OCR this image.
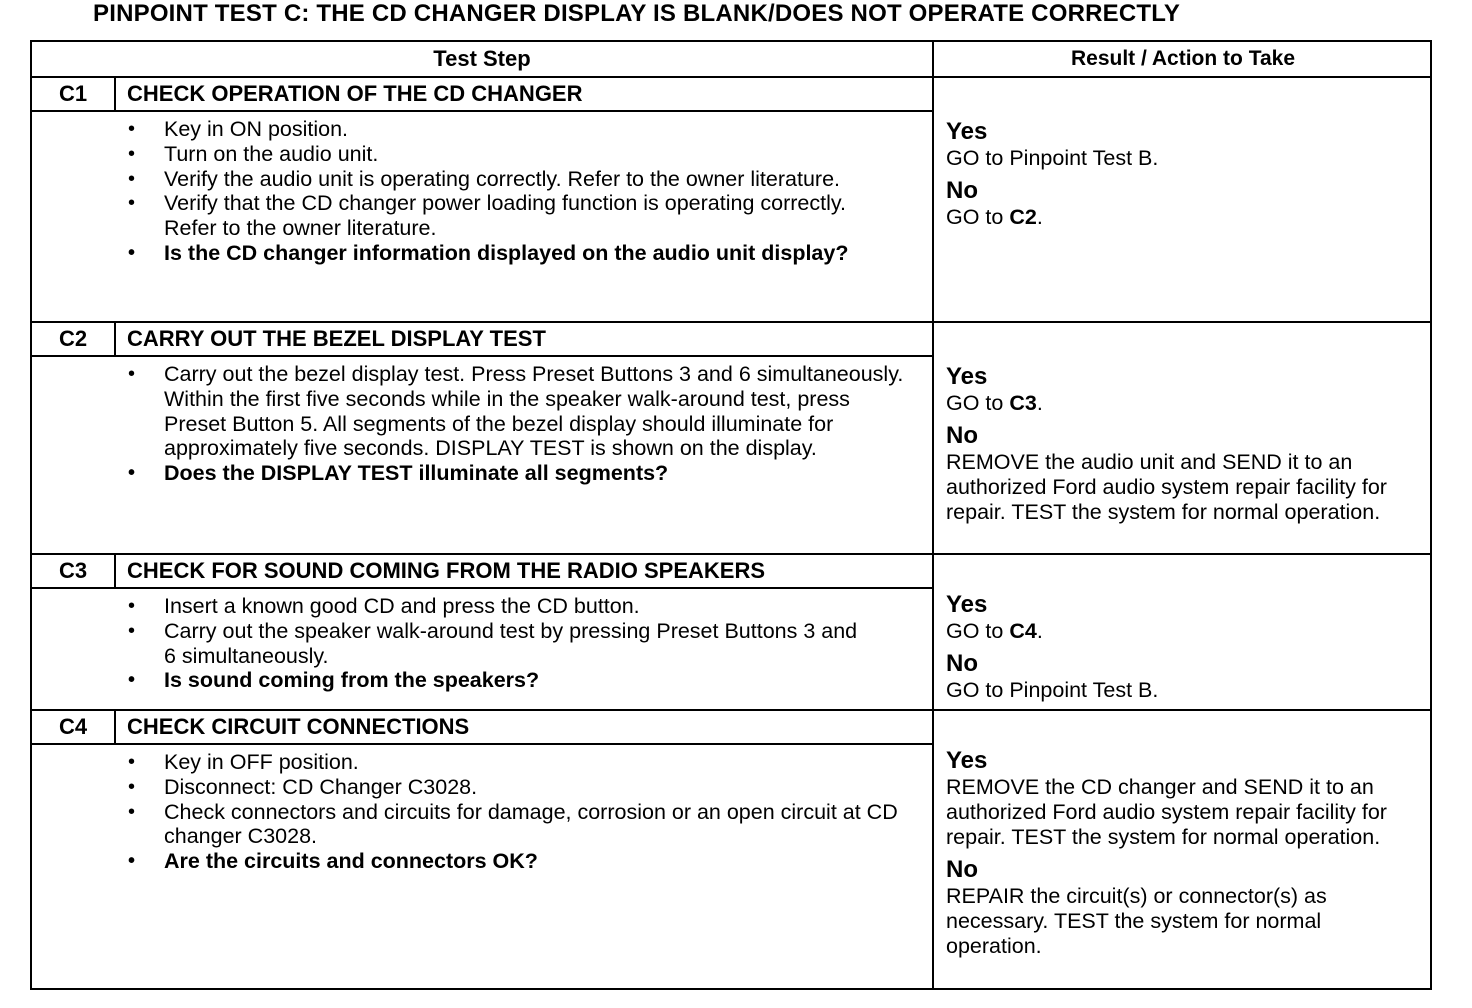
PINPOINT TEST C: THE CD CHANGER DISPLAY IS BLANK/DOES NOT OPERATE CORRECTLY
Test Step	Result / Action to Take
C1	CHECK OPERATION OF THE CD CHANGER
• Key in ON position.
• Turn on the audio unit.
• Verify the audio unit is operating correctly. Refer to the owner literature.
• Verify that the CD changer power loading function is operating correctly. Refer to the owner literature.
• Is the CD changer information displayed on the audio unit display?
Yes
GO to Pinpoint Test B.
No
GO to C2.
C2	CARRY OUT THE BEZEL DISPLAY TEST
• Carry out the bezel display test. Press Preset Buttons 3 and 6 simultaneously. Within the first five seconds while in the speaker walk-around test, press Preset Button 5. All segments of the bezel display should illuminate for approximately five seconds. DISPLAY TEST is shown on the display.
• Does the DISPLAY TEST illuminate all segments?
Yes
GO to C3.
No
REMOVE the audio unit and SEND it to an authorized Ford audio system repair facility for repair. TEST the system for normal operation.
C3	CHECK FOR SOUND COMING FROM THE RADIO SPEAKERS
• Insert a known good CD and press the CD button.
• Carry out the speaker walk-around test by pressing Preset Buttons 3 and 6 simultaneously.
• Is sound coming from the speakers?
Yes
GO to C4.
No
GO to Pinpoint Test B.
C4	CHECK CIRCUIT CONNECTIONS
• Key in OFF position.
• Disconnect: CD Changer C3028.
• Check connectors and circuits for damage, corrosion or an open circuit at CD changer C3028.
• Are the circuits and connectors OK?
Yes
REMOVE the CD changer and SEND it to an authorized Ford audio system repair facility for repair. TEST the system for normal operation.
No
REPAIR the circuit(s) or connector(s) as necessary. TEST the system for normal operation.
